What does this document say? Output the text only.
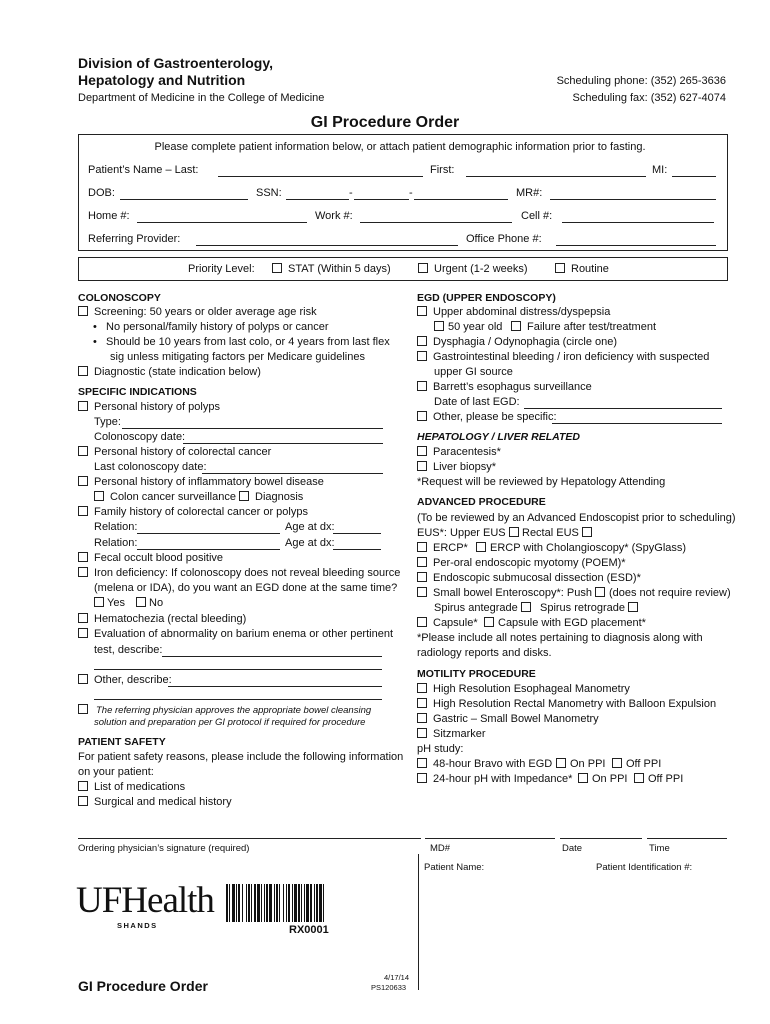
Division of Gastroenterology,
Hepatology and Nutrition
Department of Medicine in the College of Medicine
Scheduling phone: (352) 265-3636
Scheduling fax: (352) 627-4074
GI Procedure Order
Please complete patient information below, or attach patient demographic information prior to fasting.
Patient’s Name – Last:	First:	MI:
DOB:	SSN:	-	-	MR#:
Home #:	Work #:	Cell #:
Referring Provider:	Office Phone #:
Priority Level:	STAT (Within 5 days)	Urgent (1-2 weeks)	Routine
COLONOSCOPY
Screening: 50 years or older average age risk
•   No personal/family history of polyps or cancer
•   Should be 10 years from last colo, or 4 years from last flex
sig unless mitigating factors per Medicare guidelines
Diagnostic (state indication below)
SPECIFIC INDICATIONS
Personal history of polyps
Type:
Colonoscopy date:
Personal history of colorectal cancer
Last colonoscopy date:
Personal history of inflammatory bowel disease
Colon cancer surveillance	Diagnosis
Family history of colorectal cancer or polyps
Relation:	Age at dx:
Relation:	Age at dx:
Fecal occult blood positive
Iron deficiency: If colonoscopy does not reveal bleeding source
(melena or IDA), do you want an EGD done at the same time?
Yes	No
Hematochezia (rectal bleeding)
Evaluation of abnormality on barium enema or other pertinent
test, describe:
Other, describe:
The referring physician approves the appropriate bowel cleansing
solution and preparation per GI protocol if required for procedure
PATIENT SAFETY
For patient safety reasons, please include the following information
on your patient:
List of medications
Surgical and medical history
EGD (UPPER ENDOSCOPY)
Upper abdominal distress/dyspepsia
50 year old	Failure after test/treatment
Dysphagia / Odynophagia (circle one)
Gastrointestinal bleeding / iron deficiency with suspected
upper GI source
Barrett’s esophagus surveillance
Date of last EGD:
Other, please be specific:
HEPATOLOGY / LIVER RELATED
Paracentesis*
Liver biopsy*
*Request will be reviewed by Hepatology Attending
ADVANCED PROCEDURE
(To be reviewed by an Advanced Endoscopist prior to scheduling)
EUS*: Upper EUS	Rectal EUS
ERCP*	ERCP with Cholangioscopy* (SpyGlass)
Per-oral endoscopic myotomy (POEM)*
Endoscopic submucosal dissection (ESD)*
Small bowel Enteroscopy*: Push (does not require review)
Spirus antegrade	Spirus retrograde
Capsule*	Capsule with EGD placement*
*Please include all notes pertaining to diagnosis along with
radiology reports and disks.
MOTILITY PROCEDURE
High Resolution Esophageal Manometry
High Resolution Rectal Manometry with Balloon Expulsion
Gastric – Small Bowel Manometry
Sitzmarker
pH study:
48-hour Bravo with EGD	On PPI	Off PPI
24-hour pH with Impedance*	On PPI	Off PPI
Ordering physician’s signature (required)	MD#	Date	Time
Patient Name:	Patient Identification #:
UFHealth
SHANDS	RX0001
4/17/14
PS120633
GI Procedure Order
